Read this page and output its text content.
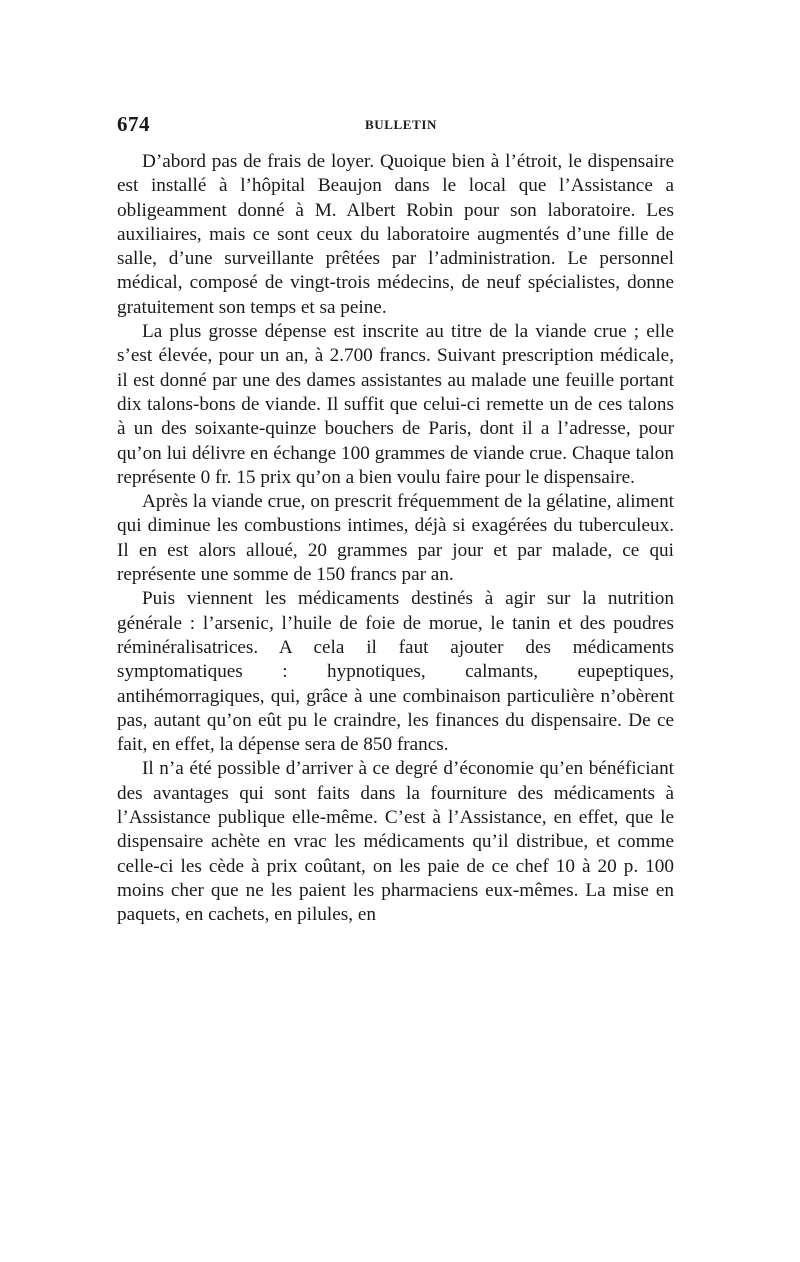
674	BULLETIN

D’abord pas de frais de loyer. Quoique bien à l’étroit, le dispensaire est installé à l’hôpital Beaujon dans le local que l’Assistance a obligeamment donné à M. Albert Robin pour son laboratoire. Les auxiliaires, mais ce sont ceux du laboratoire augmentés d’une fille de salle, d’une surveillante prêtées par l’administration. Le personnel médical, composé de vingt-trois médecins, de neuf spécialistes, donne gratuitement son temps et sa peine.

La plus grosse dépense est inscrite au titre de la viande crue ; elle s’est élevée, pour un an, à 2.700 francs. Suivant prescription médicale, il est donné par une des dames assistantes au malade une feuille portant dix talons-bons de viande. Il suffit que celui-ci remette un de ces talons à un des soixante-quinze bouchers de Paris, dont il a l’adresse, pour qu’on lui délivre en échange 100 grammes de viande crue. Chaque talon représente 0 fr. 15 prix qu’on a bien voulu faire pour le dispensaire.

Après la viande crue, on prescrit fréquemment de la gélatine, aliment qui diminue les combustions intimes, déjà si exagérées du tuberculeux. Il en est alors alloué, 20 grammes par jour et par malade, ce qui représente une somme de 150 francs par an.

Puis viennent les médicaments destinés à agir sur la nutrition générale : l’arsenic, l’huile de foie de morue, le tanin et des poudres réminéralisatrices. A cela il faut ajouter des médicaments symptomatiques : hypnotiques, calmants, eupeptiques, antihémorragiques, qui, grâce à une combinaison particulière n’obèrent pas, autant qu’on eût pu le craindre, les finances du dispensaire. De ce fait, en effet, la dépense sera de 850 francs.

Il n’a été possible d’arriver à ce degré d’économie qu’en bénéficiant des avantages qui sont faits dans la fourniture des médicaments à l’Assistance publique elle-même. C’est à l’Assistance, en effet, que le dispensaire achète en vrac les médicaments qu’il distribue, et comme celle-ci les cède à prix coûtant, on les paie de ce chef 10 à 20 p. 100 moins cher que ne les paient les pharmaciens eux-mêmes. La mise en paquets, en cachets, en pilules, en
